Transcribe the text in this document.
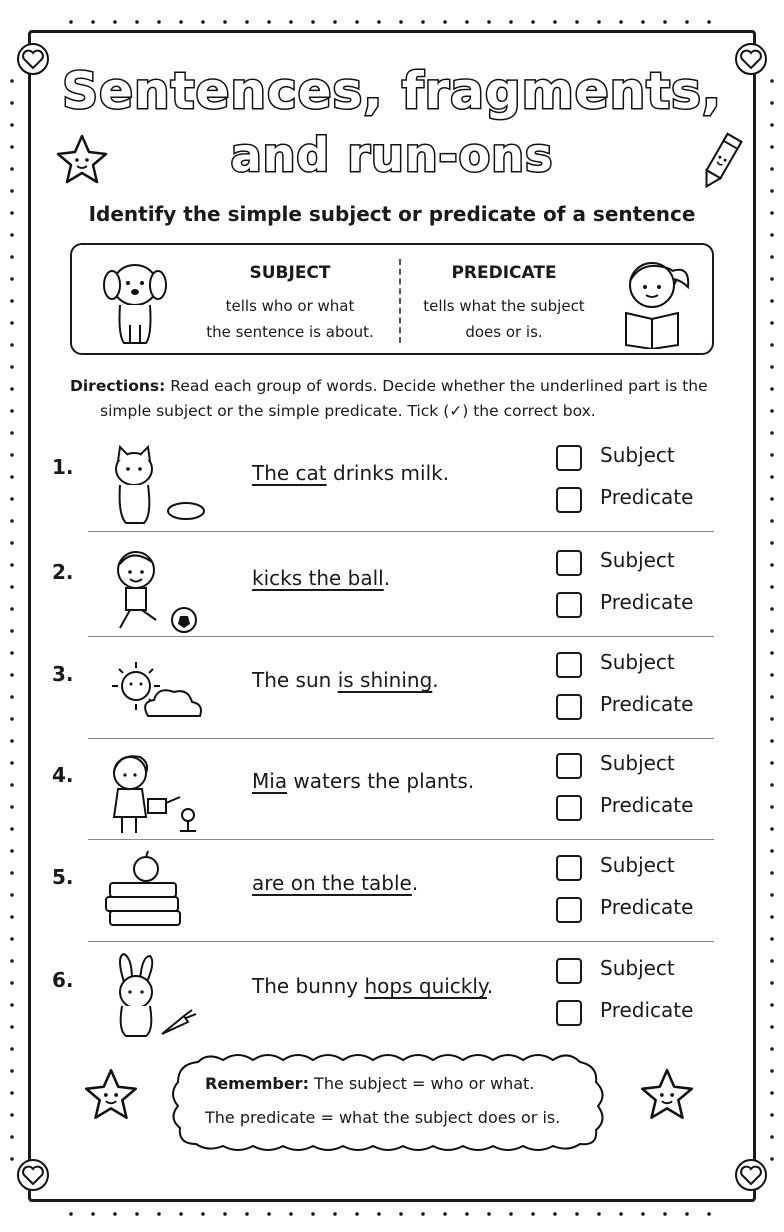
Sentences, fragments,
and run-ons
Identify the simple subject or predicate of a sentence
SUBJECT
tells who or what
the sentence is about.
PREDICATE
tells what the subject
does or is.
Directions: Read each group of words. Decide whether the underlined part is the
simple subject or the simple predicate. Tick (✓) the correct box.
1.	The cat drinks milk.
Subject
Predicate
2.	kicks the ball.
Subject
Predicate
3.	The sun is shining.
Subject
Predicate
4.	Mia waters the plants.
Subject
Predicate
5.	are on the table.
Subject
Predicate
6.	The bunny hops quickly.
Subject
Predicate
Remember: The subject = who or what.
The predicate = what the subject does or is.
